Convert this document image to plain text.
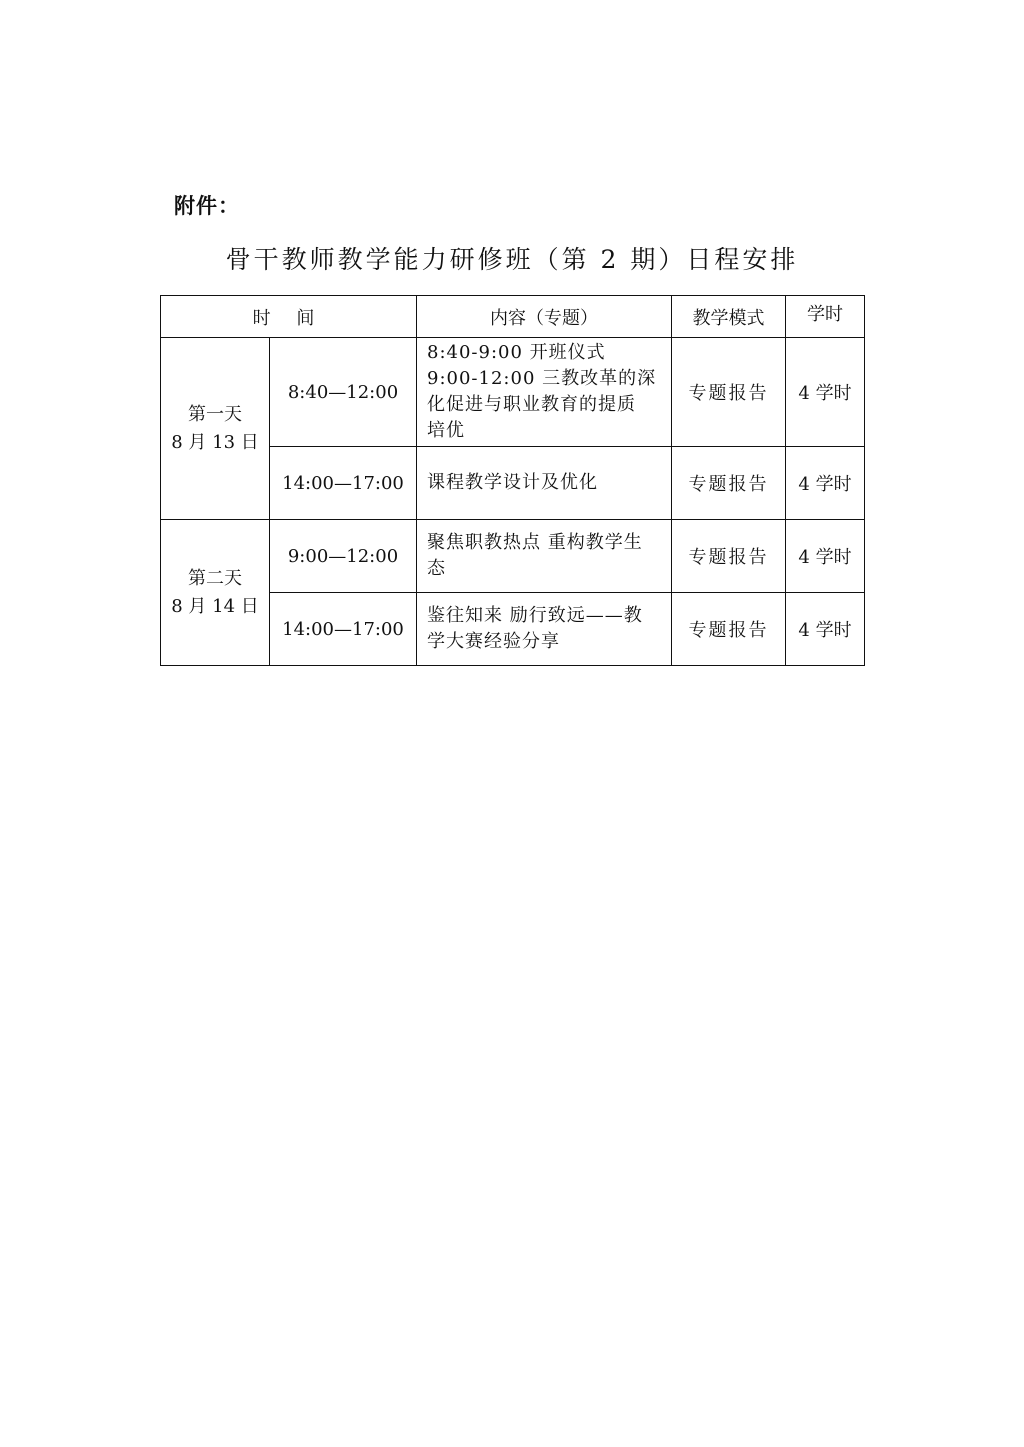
附件：
骨干教师教学能力研修班（第 2 期）日程安排
时 间		内容（专题）	教学模式	学时

第一天
8 月 13 日	8:40—12:00	8:40-9:00 开班仪式
9:00-12:00 三教改革的深
化促进与职业教育的提质
培优	专题报告	4 学时
	14:00—17:00	课程教学设计及优化	专题报告	4 学时

第二天
8 月 14 日	9:00—12:00	聚焦职教热点 重构教学生
态	专题报告	4 学时
	14:00—17:00	鉴往知来 励行致远——教
学大赛经验分享	专题报告	4 学时
